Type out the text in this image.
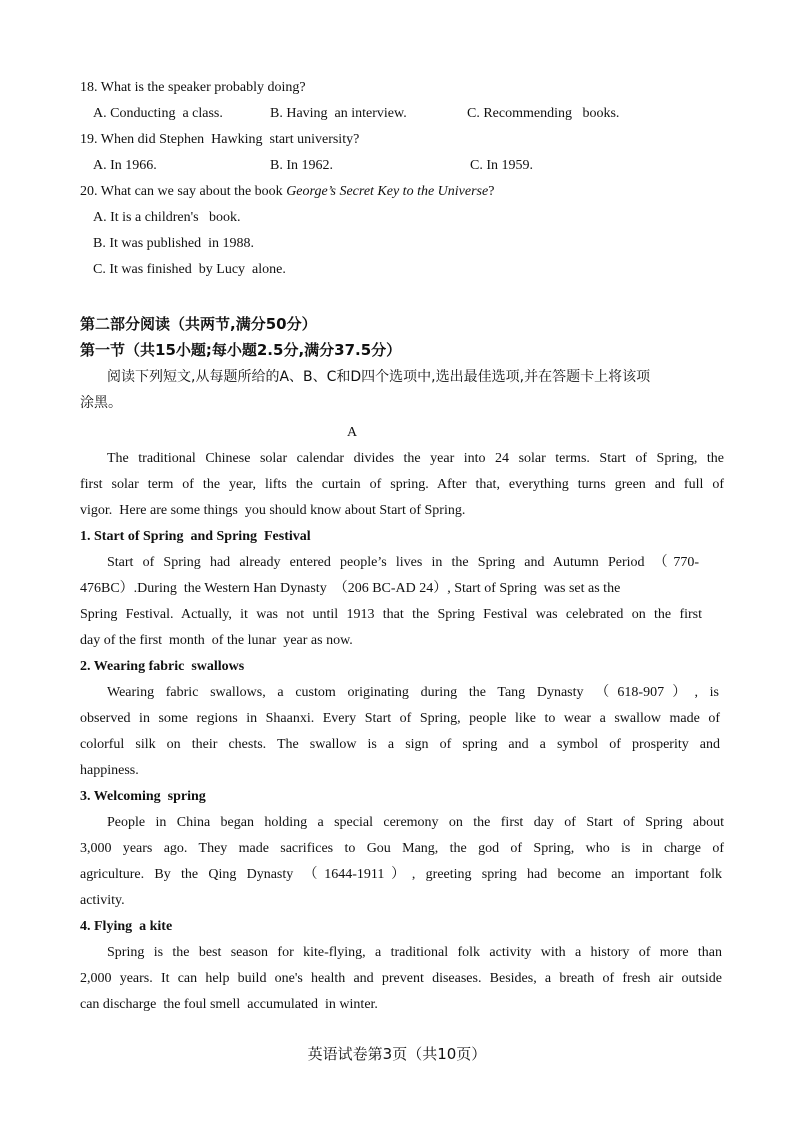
18. What is the speaker probably doing?
A. Conducting  a class.	B. Having  an interview.	C. Recommending   books.
19. When did Stephen  Hawking  start university?
A. In 1966.	B. In 1962.	C. In 1959.
20. What can we say about the book George’s Secret Key to the Universe?
A. It is a children's   book.
B. It was published  in 1988.
C. It was finished  by Lucy  alone.
第二部分阅读（共两节,满分50分）
第一节（共15小题;每小题2.5分,满分37.5分）
阅读下列短文,从每题所给的A、B、C和D四个选项中,选出最佳选项,并在答题卡上将该项
涂黑。
A
The traditional Chinese solar calendar divides the year into 24 solar terms. Start of Spring, the
first solar term of the year, lifts the curtain of spring. After that, everything turns green and full of
vigor.  Here are some things  you should know about Start of Spring.
1. Start of Spring  and Spring  Festival
Start of Spring had already entered people’s lives in the Spring and Autumn Period （770-
476BC）.During  the Western Han Dynasty  （206 BC-AD 24）, Start of Spring  was set as the
Spring Festival. Actually, it was not until 1913 that the Spring Festival was celebrated on the first
day of the first  month  of the lunar  year as now.
2. Wearing fabric  swallows
Wearing fabric swallows, a custom originating during the Tang Dynasty （618-907）, is
observed in some regions in Shaanxi. Every Start of Spring, people like to wear a swallow made of
colorful silk on their chests. The swallow is a sign of spring and a symbol of prosperity and
happiness.
3. Welcoming  spring
People in China began holding a special ceremony on the first day of Start of Spring about
3,000 years ago. They made sacrifices to Gou Mang, the god of Spring, who is in charge of
agriculture. By the Qing Dynasty （1644-1911）, greeting spring had become an important folk
activity.
4. Flying  a kite
Spring is the best season for kite-flying, a traditional folk activity with a history of more than
2,000 years. It can help build one's health and prevent diseases. Besides, a breath of fresh air outside
can discharge  the foul smell  accumulated  in winter.
英语试卷第3页（共10页）
